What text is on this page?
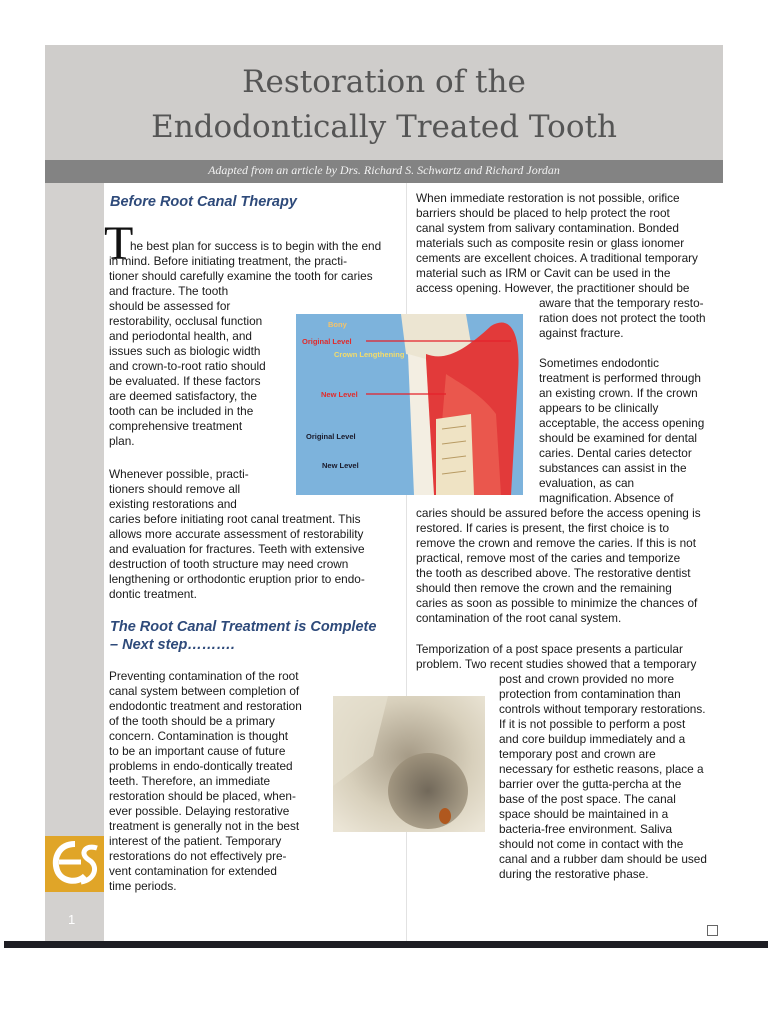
Restoration of the
Endodontically Treated Tooth
Adapted from an article by Drs. Richard S. Schwartz and Richard Jordan
Before Root Canal Therapy
T
he best plan for success is to begin with the end
in mind. Before initiating treatment, the practi-
tioner should carefully examine the tooth for caries
and fracture. The tooth
should be assessed for
restorability, occlusal function
and periodontal health, and
issues such as biologic width
and crown-to-root ratio should
be evaluated. If these factors
are deemed satisfactory, the
tooth can be included in the
comprehensive treatment
plan.
Whenever possible, practi-
tioners should remove all
existing restorations and
caries before initiating root canal treatment. This
allows more accurate assessment of restorability
and evaluation for fractures. Teeth with extensive
destruction of tooth structure may need crown
lengthening or orthodontic eruption prior to endo-
dontic treatment.
Bony
Original Level
Crown Lengthening
New Level
Original Level
New Level
The Root Canal Treatment is Complete
– Next step……….
Preventing contamination of the root
canal system between completion of
endodontic treatment and restoration
of the tooth should be a primary
concern. Contamination is thought
to be an important cause of future
problems in endo-dontically treated
teeth. Therefore, an immediate
restoration should be placed, when-
ever possible. Delaying restorative
treatment is generally not in the best
interest of the patient. Temporary
restorations do not effectively pre-
vent contamination for extended
time periods.
When immediate restoration is not possible, orifice
barriers should be placed to help protect the root
canal system from salivary contamination. Bonded
materials such as composite resin or glass ionomer
cements are excellent choices. A traditional temporary
material such as IRM or Cavit can be used in the
access opening. However, the practitioner should be
aware that the temporary resto-
ration does not protect the tooth
against fracture.
Sometimes endodontic
treatment is performed through
an existing crown. If the crown
appears to be clinically
acceptable, the access opening
should be examined for dental
caries. Dental caries detector
substances can assist in the
evaluation, as can
magnification. Absence of
caries should be assured before the access opening is
restored. If caries is present, the first choice is to
remove the crown and remove the caries. If this is not
practical, remove most of the caries and temporize
the tooth as described above. The restorative dentist
should then remove the crown and the remaining
caries as soon as possible to minimize the chances of
contamination of the root canal system.
Temporization of a post space presents a particular
problem. Two recent studies showed that a temporary
post and crown provided no more
protection from contamination than
controls without temporary restorations.
If it is not possible to perform a post
and core buildup immediately and a
temporary post and crown are
necessary for esthetic reasons, place a
barrier over the gutta-percha at the
base of the post space. The canal
space should be maintained in a
bacteria-free environment. Saliva
should not come in contact with the
canal and a rubber dam should be used
during the restorative phase.
1
